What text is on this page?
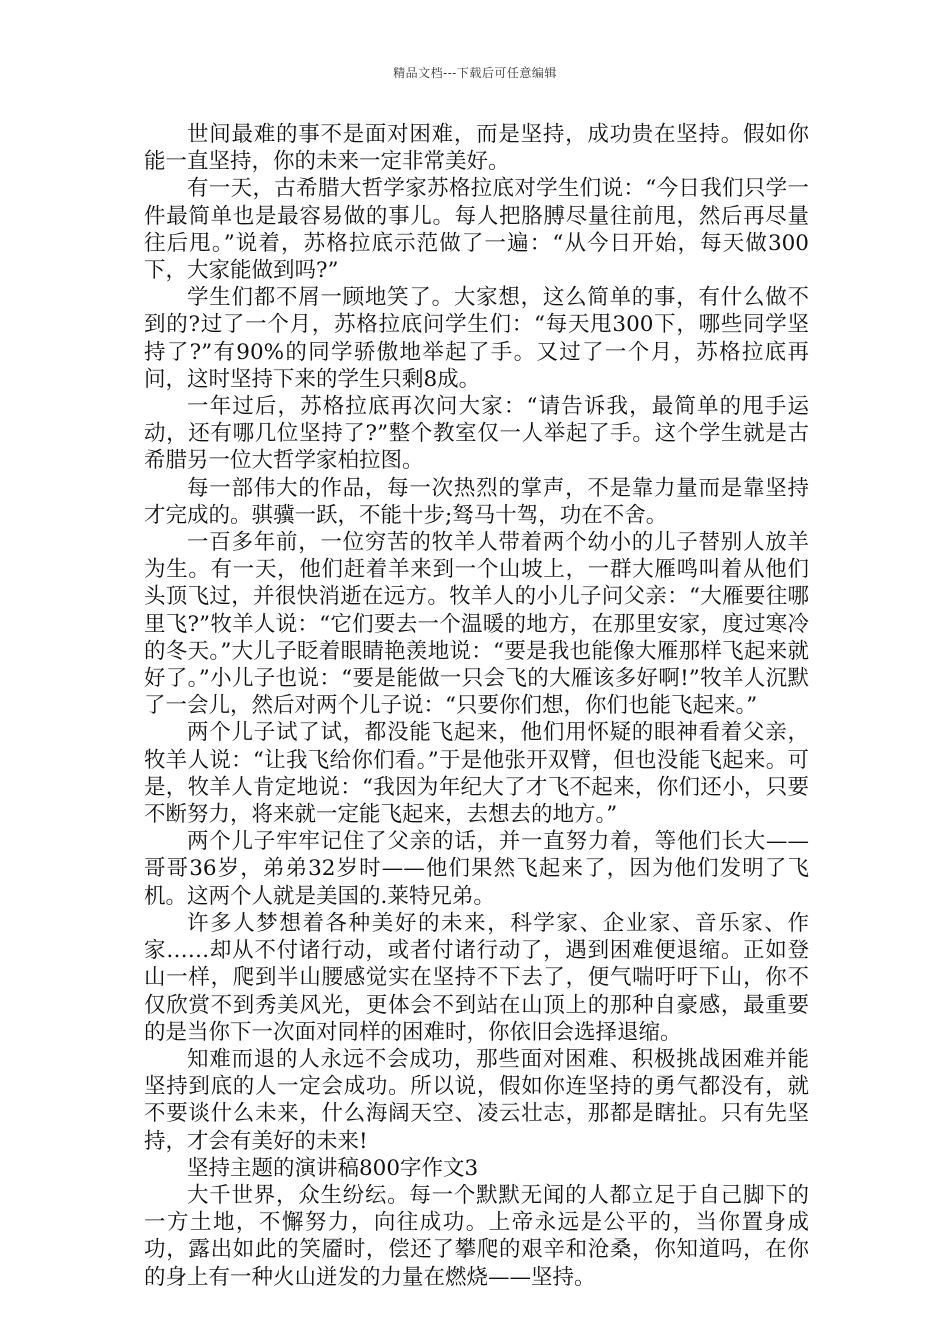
精品文档---下载后可任意编辑

世间最难的事不是面对困难，而是坚持，成功贵在坚持。假如你能一直坚持，你的未来一定非常美好。

有一天，古希腊大哲学家苏格拉底对学生们说：“今日我们只学一件最简单也是最容易做的事儿。每人把胳膊尽量往前甩，然后再尽量往后甩。”说着，苏格拉底示范做了一遍：“从今日开始，每天做300下，大家能做到吗?”

学生们都不屑一顾地笑了。大家想，这么简单的事，有什么做不到的?过了一个月，苏格拉底问学生们：“每天甩300下，哪些同学坚持了?”有90%的同学骄傲地举起了手。又过了一个月，苏格拉底再问，这时坚持下来的学生只剩8成。

一年过后，苏格拉底再次问大家：“请告诉我，最简单的甩手运动，还有哪几位坚持了?”整个教室仅一人举起了手。这个学生就是古希腊另一位大哲学家柏拉图。

每一部伟大的作品，每一次热烈的掌声，不是靠力量而是靠坚持才完成的。骐骥一跃，不能十步;驽马十驾，功在不舍。

一百多年前，一位穷苦的牧羊人带着两个幼小的儿子替别人放羊为生。有一天，他们赶着羊来到一个山坡上，一群大雁鸣叫着从他们头顶飞过，并很快消逝在远方。牧羊人的小儿子问父亲：“大雁要往哪里飞?”牧羊人说：“它们要去一个温暖的地方，在那里安家，度过寒冷的冬天。”大儿子眨着眼睛艳羡地说：“要是我也能像大雁那样飞起来就好了。”小儿子也说：“要是能做一只会飞的大雁该多好啊!”牧羊人沉默了一会儿，然后对两个儿子说：“只要你们想，你们也能飞起来。”

两个儿子试了试，都没能飞起来，他们用怀疑的眼神看着父亲，牧羊人说：“让我飞给你们看。”于是他张开双臂，但也没能飞起来。可是，牧羊人肯定地说：“我因为年纪大了才飞不起来，你们还小，只要不断努力，将来就一定能飞起来，去想去的地方。”

两个儿子牢牢记住了父亲的话，并一直努力着，等他们长大——哥哥36岁，弟弟32岁时——他们果然飞起来了，因为他们发明了飞机。这两个人就是美国的.莱特兄弟。

许多人梦想着各种美好的未来，科学家、企业家、音乐家、作家……却从不付诸行动，或者付诸行动了，遇到困难便退缩。正如登山一样，爬到半山腰感觉实在坚持不下去了，便气喘吁吁下山，你不仅欣赏不到秀美风光，更体会不到站在山顶上的那种自豪感，最重要的是当你下一次面对同样的困难时，你依旧会选择退缩。

知难而退的人永远不会成功，那些面对困难、积极挑战困难并能坚持到底的人一定会成功。所以说，假如你连坚持的勇气都没有，就不要谈什么未来，什么海阔天空、凌云壮志，那都是瞎扯。只有先坚持，才会有美好的未来!

坚持主题的演讲稿800字作文3

大千世界，众生纷纭。每一个默默无闻的人都立足于自己脚下的一方土地，不懈努力，向往成功。上帝永远是公平的，当你置身成功，露出如此的笑靥时，偿还了攀爬的艰辛和沧桑，你知道吗，在你的身上有一种火山迸发的力量在燃烧——坚持。
